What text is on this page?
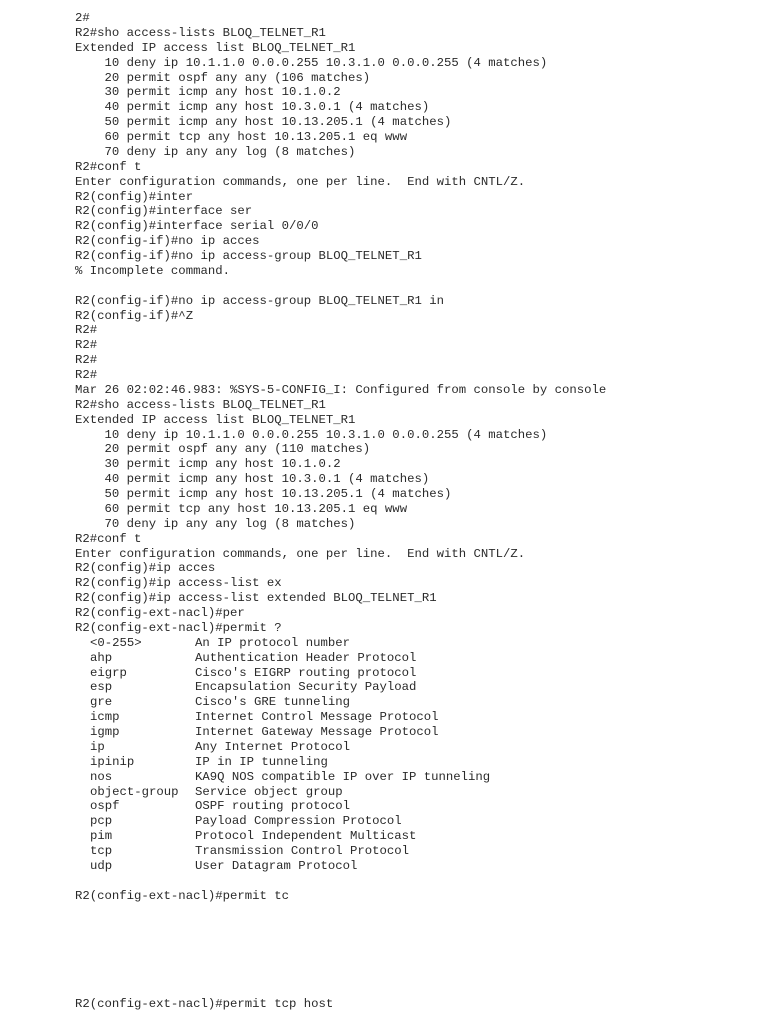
2#
R2#sho access-lists BLOQ_TELNET_R1
Extended IP access list BLOQ_TELNET_R1
10 deny ip 10.1.1.0 0.0.0.255 10.3.1.0 0.0.0.255 (4 matches)
20 permit ospf any any (106 matches)
30 permit icmp any host 10.1.0.2
40 permit icmp any host 10.3.0.1 (4 matches)
50 permit icmp any host 10.13.205.1 (4 matches)
60 permit tcp any host 10.13.205.1 eq www
70 deny ip any any log (8 matches)
R2#conf t
Enter configuration commands, one per line.  End with CNTL/Z.
R2(config)#inter
R2(config)#interface ser
R2(config)#interface serial 0/0/0
R2(config-if)#no ip acces
R2(config-if)#no ip access-group BLOQ_TELNET_R1
% Incomplete command.
R2(config-if)#no ip access-group BLOQ_TELNET_R1 in
R2(config-if)#^Z
R2#
R2#
R2#
R2#
Mar 26 02:02:46.983: %SYS-5-CONFIG_I: Configured from console by console
R2#sho access-lists BLOQ_TELNET_R1
Extended IP access list BLOQ_TELNET_R1
10 deny ip 10.1.1.0 0.0.0.255 10.3.1.0 0.0.0.255 (4 matches)
20 permit ospf any any (110 matches)
30 permit icmp any host 10.1.0.2
40 permit icmp any host 10.3.0.1 (4 matches)
50 permit icmp any host 10.13.205.1 (4 matches)
60 permit tcp any host 10.13.205.1 eq www
70 deny ip any any log (8 matches)
R2#conf t
Enter configuration commands, one per line.  End with CNTL/Z.
R2(config)#ip acces
R2(config)#ip access-list ex
R2(config)#ip access-list extended BLOQ_TELNET_R1
R2(config-ext-nacl)#per
R2(config-ext-nacl)#permit ?
<0-255>	An IP protocol number
ahp	Authentication Header Protocol
eigrp	Cisco's EIGRP routing protocol
esp	Encapsulation Security Payload
gre	Cisco's GRE tunneling
icmp	Internet Control Message Protocol
igmp	Internet Gateway Message Protocol
ip	Any Internet Protocol
ipinip	IP in IP tunneling
nos	KA9Q NOS compatible IP over IP tunneling
object-group	Service object group
ospf	OSPF routing protocol
pcp	Payload Compression Protocol
pim	Protocol Independent Multicast
tcp	Transmission Control Protocol
udp	User Datagram Protocol
R2(config-ext-nacl)#permit tc
R2(config-ext-nacl)#permit tcp host
